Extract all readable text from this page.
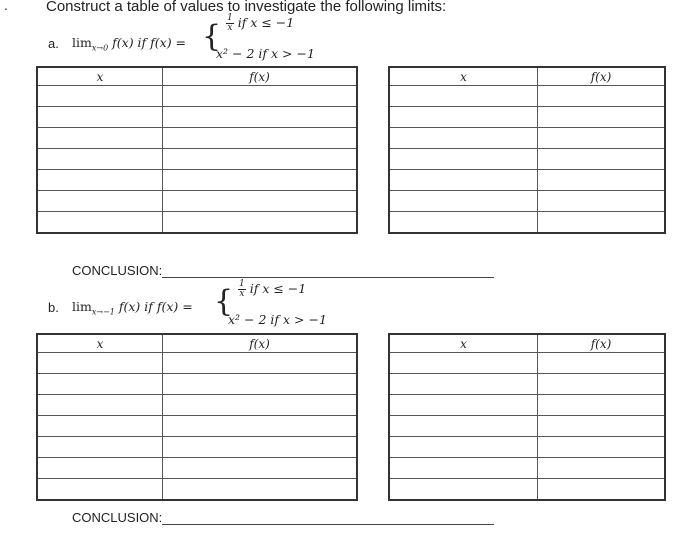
.	Construct a table of values to investigate the following limits:
a. $\lim_{x\to 0} f(x)$ if f(x) = { $\frac{1}{x}$ if x ≤ −1
x² − 2 if x > −1
x	f(x)

		x	f(x)

CONCLUSION:
b. $\lim_{x\to-1} f(x)$ if f(x) = { $\frac{1}{x}$ if x ≤ −1
x² − 2 if x > −1
x	f(x)

		x	f(x)

CONCLUSION:
